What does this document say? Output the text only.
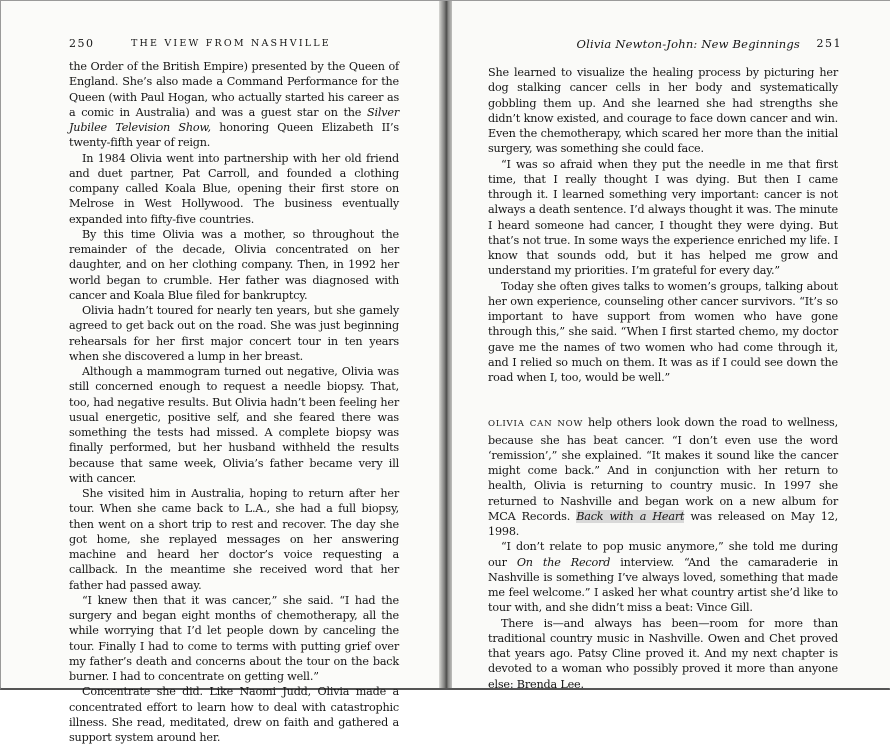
250	THE VIEW FROM NASHVILLE

the Order of the British Empire) presented by the Queen of England. She’s also made a Command Performance for the Queen (with Paul Hogan, who actually started his career as a comic in Australia) and was a guest star on the Silver Jubilee Television Show, honoring Queen Elizabeth II’s twenty-fifth year of reign.

In 1984 Olivia went into partnership with her old friend and duet partner, Pat Carroll, and founded a clothing company called Koala Blue, opening their first store on Melrose in West Hollywood. The business eventually expanded into fifty-five countries.

By this time Olivia was a mother, so throughout the remainder of the decade, Olivia concentrated on her daughter, and on her clothing company. Then, in 1992 her world began to crumble. Her father was diagnosed with cancer and Koala Blue filed for bankruptcy.

Olivia hadn’t toured for nearly ten years, but she gamely agreed to get back out on the road. She was just beginning rehearsals for her first major concert tour in ten years when she discovered a lump in her breast.

Although a mammogram turned out negative, Olivia was still concerned enough to request a needle biopsy. That, too, had negative results. But Olivia hadn’t been feeling her usual energetic, positive self, and she feared there was something the tests had missed. A complete biopsy was finally performed, but her husband withheld the results because that same week, Olivia’s father became very ill with cancer.

She visited him in Australia, hoping to return after her tour. When she came back to L.A., she had a full biopsy, then went on a short trip to rest and recover. The day she got home, she replayed messages on her answering machine and heard her doctor’s voice requesting a callback. In the meantime she received word that her father had passed away.

“I knew then that it was cancer,” she said. “I had the surgery and began eight months of chemotherapy, all the while worrying that I’d let people down by canceling the tour. Finally I had to come to terms with putting grief over my father’s death and concerns about the tour on the back burner. I had to concentrate on getting well.”

Concentrate she did. Like Naomi Judd, Olivia made a concentrated effort to learn how to deal with catastrophic illness. She read, meditated, drew on faith and gathered a support system around her.

Olivia Newton-John: New Beginnings 251

She learned to visualize the healing process by picturing her dog stalking cancer cells in her body and systematically gobbling them up. And she learned she had strengths she didn’t know existed, and courage to face down cancer and win. Even the chemotherapy, which scared her more than the initial surgery, was something she could face.

“I was so afraid when they put the needle in me that first time, that I really thought I was dying. But then I came through it. I learned something very important: cancer is not always a death sentence. I’d always thought it was. The minute I heard someone had cancer, I thought they were dying. But that’s not true. In some ways the experience enriched my life. I know that sounds odd, but it has helped me grow and understand my priorities. I’m grateful for every day.”

Today she often gives talks to women’s groups, talking about her own experience, counseling other cancer survivors. “It’s so important to have support from women who have gone through this,” she said. “When I first started chemo, my doctor gave me the names of two women who had come through it, and I relied so much on them. It was as if I could see down the road when I, too, would be well.”

OLIVIA CAN NOW help others look down the road to wellness, because she has beat cancer. “I don’t even use the word ‘remission’,” she explained. “It makes it sound like the cancer might come back.” And in conjunction with her return to health, Olivia is returning to country music. In 1997 she returned to Nashville and began work on a new album for MCA Records. Back with a Heart was released on May 12, 1998.

“I don’t relate to pop music anymore,” she told me during our On the Record interview. “And the camaraderie in Nashville is something I’ve always loved, something that made me feel welcome.” I asked her what country artist she’d like to tour with, and she didn’t miss a beat: Vince Gill.

There is—and always has been—room for more than traditional country music in Nashville. Owen and Chet proved that years ago. Patsy Cline proved it. And my next chapter is devoted to a woman who possibly proved it more than anyone else: Brenda Lee.
